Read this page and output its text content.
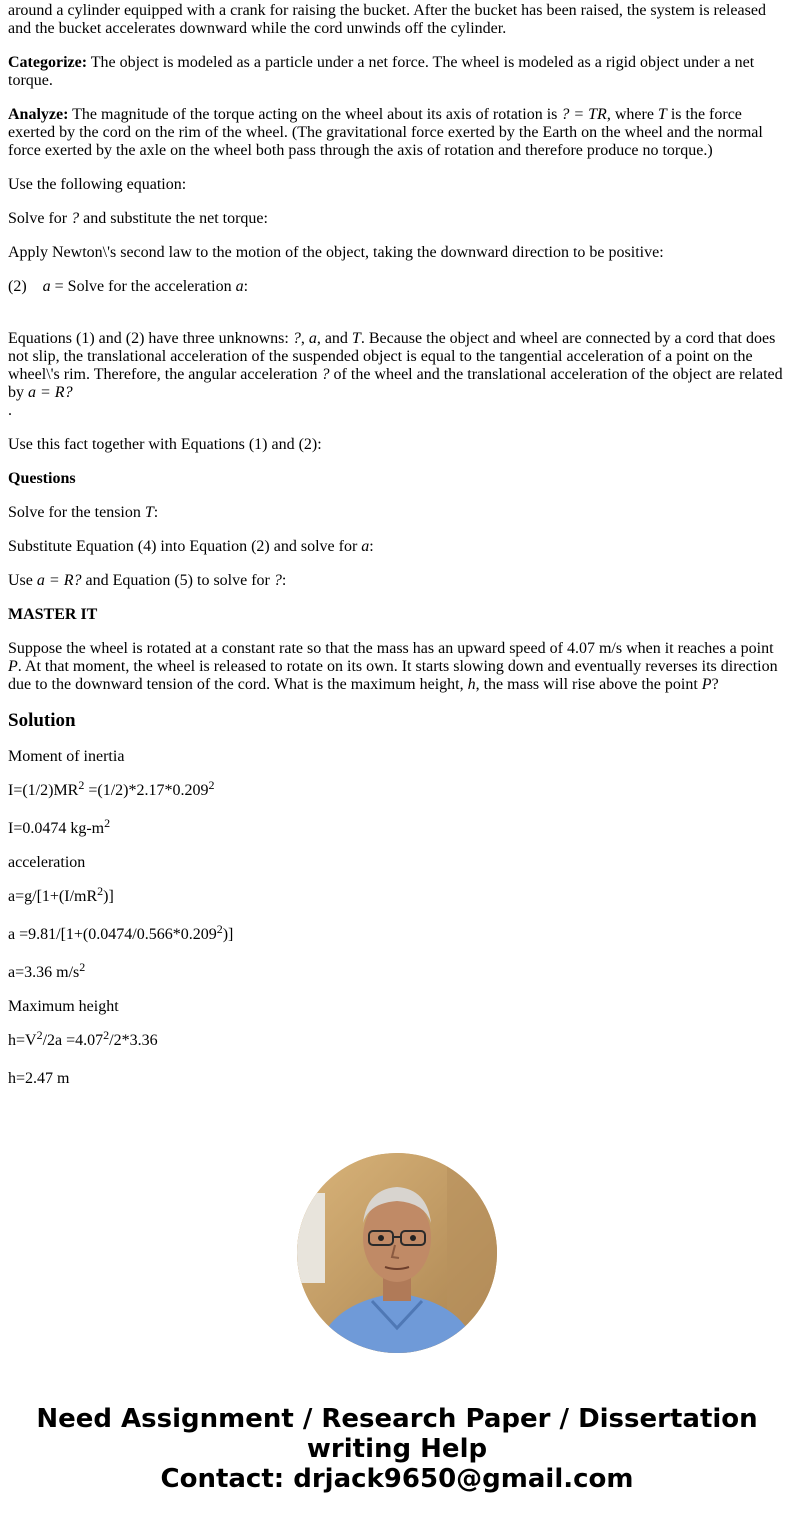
around a cylinder equipped with a crank for raising the bucket. After the bucket has been raised, the system is released
and the bucket accelerates downward while the cord unwinds off the cylinder.

Categorize: The object is modeled as a particle under a net force. The wheel is modeled as a rigid object under a net torque.

Analyze: The magnitude of the torque acting on the wheel about its axis of rotation is ? = TR, where T is the force exerted by the cord on the rim of the wheel. (The gravitational force exerted by the Earth on the wheel and the normal force exerted by the axle on the wheel both pass through the axis of rotation and therefore produce no torque.)

Use the following equation:

Solve for ? and substitute the net torque:

Apply Newton\'s second law to the motion of the object, taking the downward direction to be positive:

(2) a = Solve for the acceleration a:

Equations (1) and (2) have three unknowns: ?, a, and T. Because the object and wheel are connected by a cord that does not slip, the translational acceleration of the suspended object is equal to the tangential acceleration of a point on the wheel\'s rim. Therefore, the angular acceleration ? of the wheel and the translational acceleration of the object are related by a = R?
.

Use this fact together with Equations (1) and (2):

Questions

Solve for the tension T:

Substitute Equation (4) into Equation (2) and solve for a:

Use a = R? and Equation (5) to solve for ?:

MASTER IT

Suppose the wheel is rotated at a constant rate so that the mass has an upward speed of 4.07 m/s when it reaches a point P. At that moment, the wheel is released to rotate on its own. It starts slowing down and eventually reverses its direction due to the downward tension of the cord. What is the maximum height, h, the mass will rise above the point P?

Solution

Moment of inertia

$I=(1/2)MR^2 =(1/2)*2.17*0.209^2$

I=0.0474 $kg-m^2$

acceleration

$a=g/[1+(I/mR^2)]$

$a =9.81/[1+(0.0474/0.566*0.209^2)]$

a=3.36 $m/s^2$

Maximum height

$h=V^2/2a =4.07^2/2*3.36$

h=2.47 m

Need Assignment / Research Paper / Dissertation
writing Help
Contact: drjack9650@gmail.com
